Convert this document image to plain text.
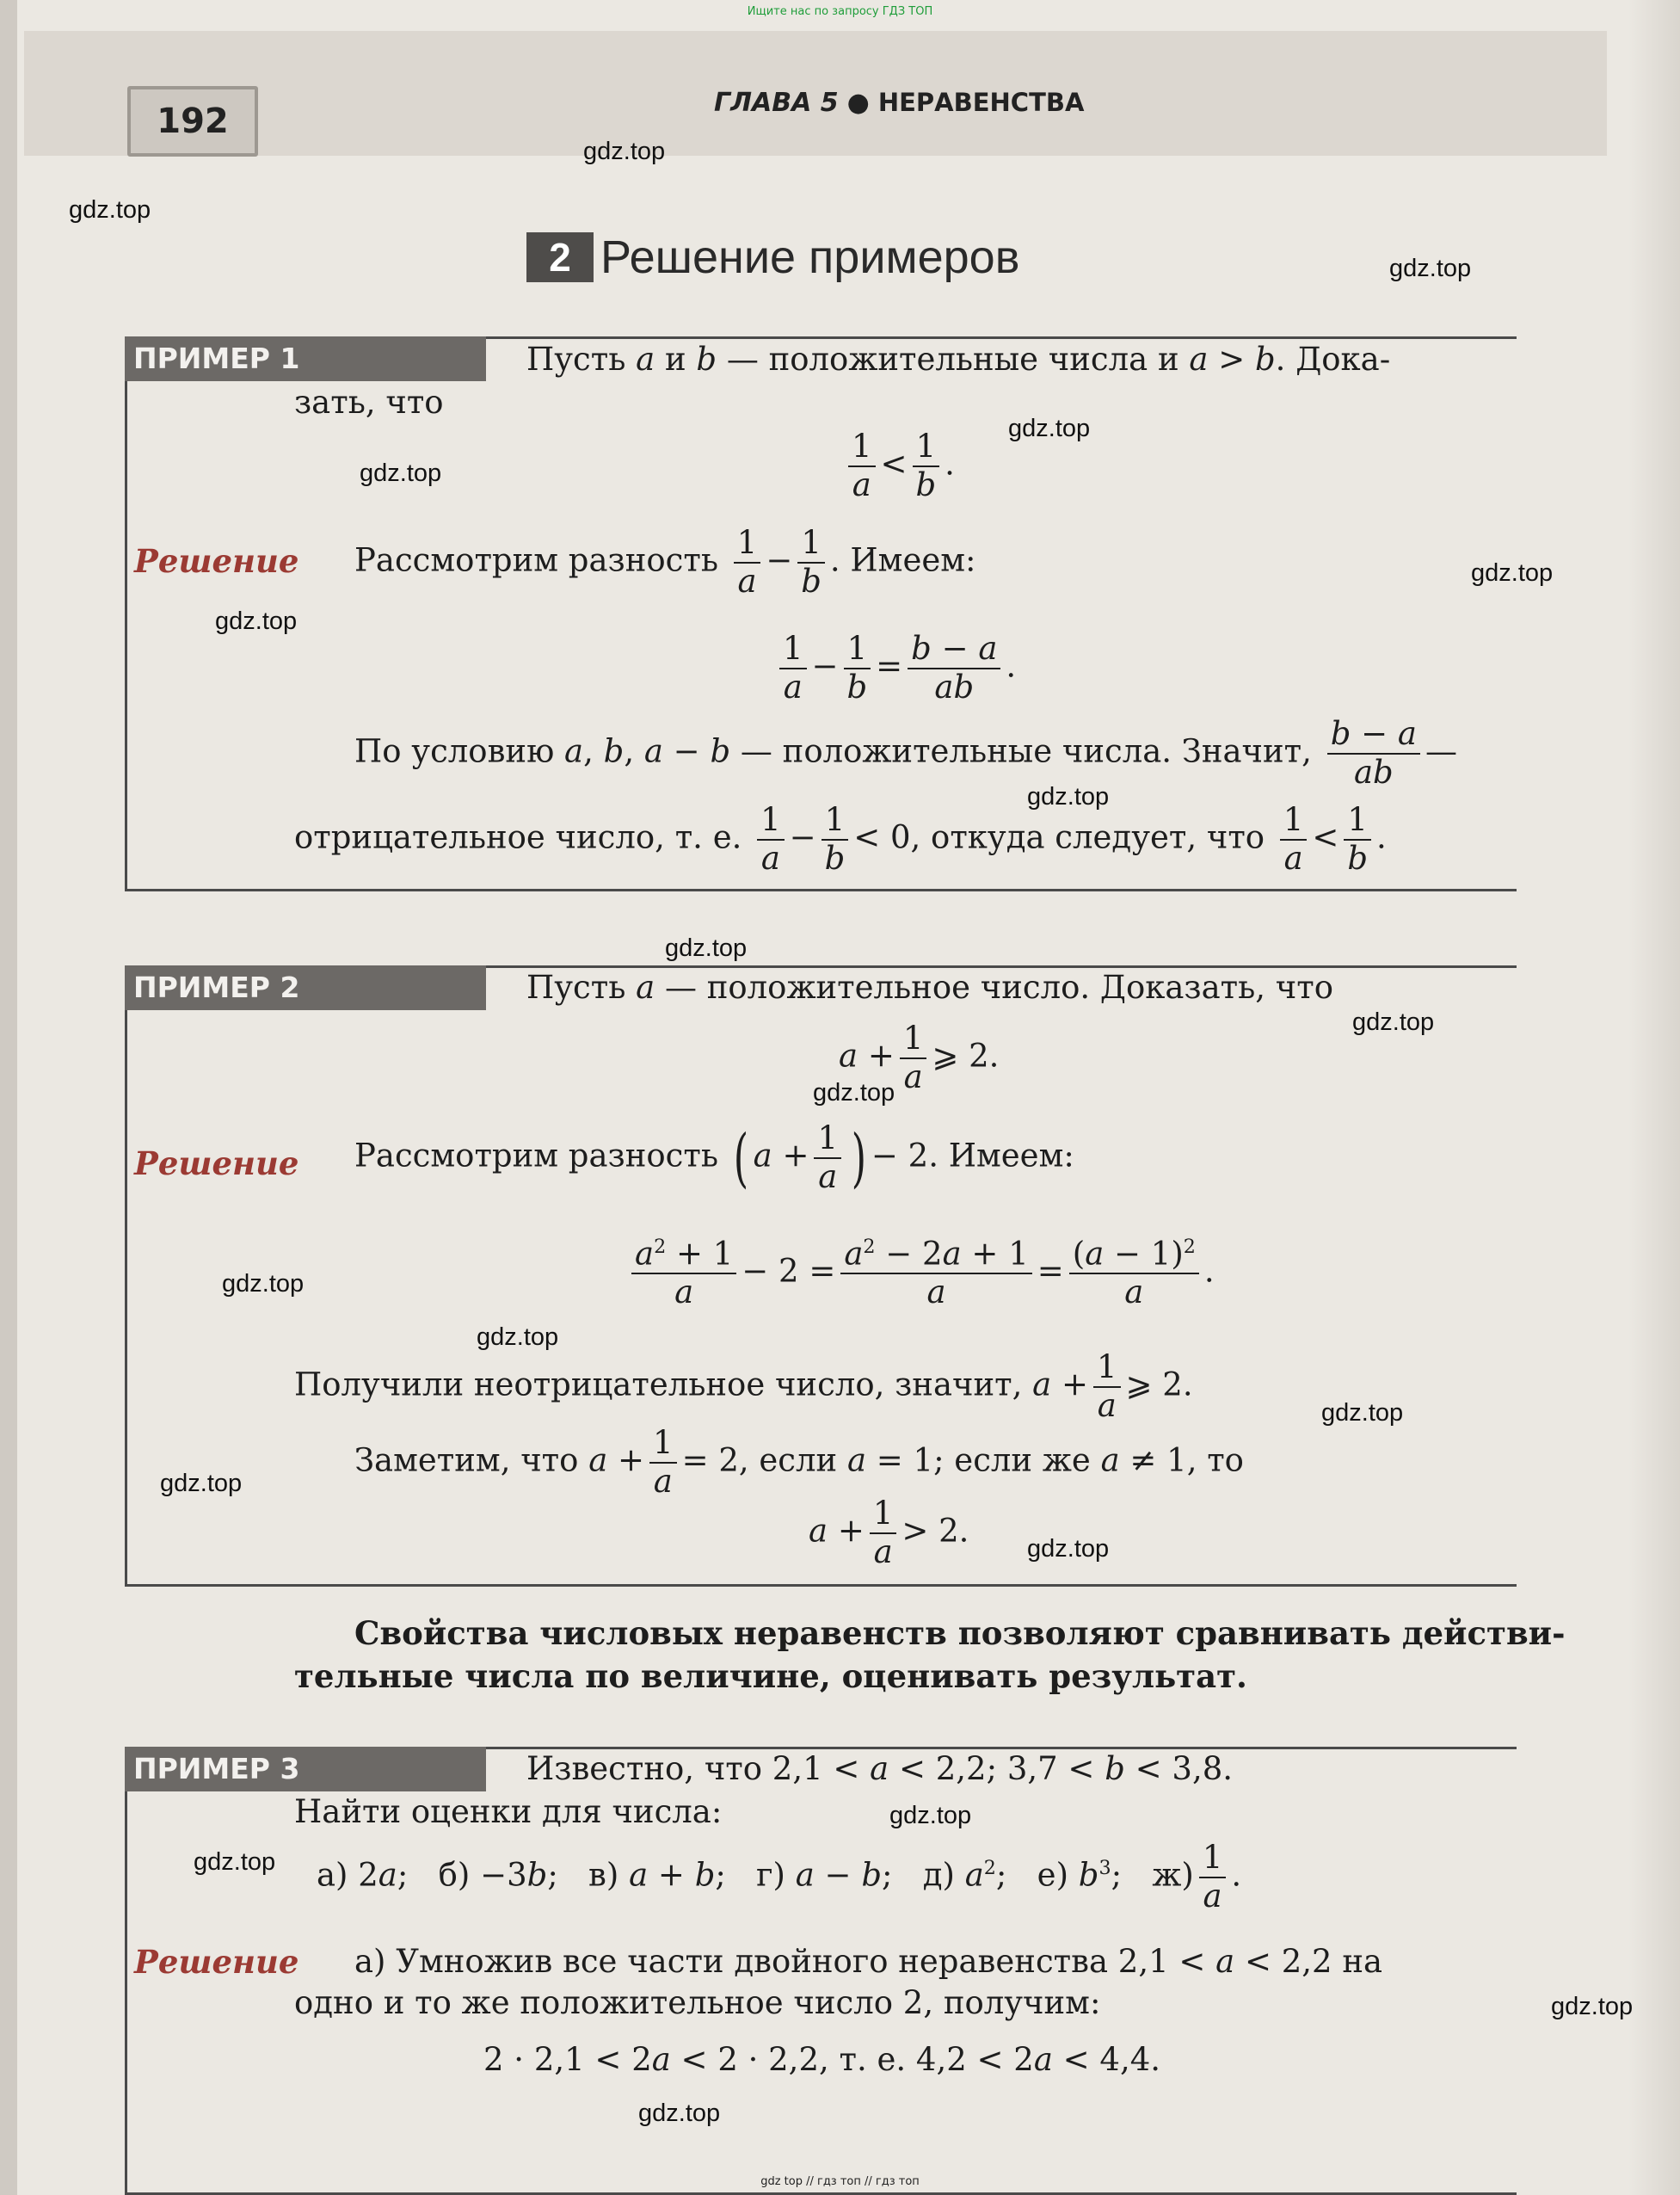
Ищите нас по запросу ГДЗ ТОП
192	ГЛАВА 5 ● НЕРАВЕНСТВА
gdz.top
gdz.top
gdz.top
gdz.top
gdz.top
gdz.top
gdz.top
gdz.top
gdz.top
gdz.top
gdz.top
gdz.top
gdz.top
gdz.top
gdz.top
gdz.top
gdz.top
gdz.top
gdz.top
gdz.top
2 Решение примеров
ПРИМЕР 1	Пусть a и b — положительные числа и a > b. Дока-
зать, что
$\frac{1}{a} < \frac{1}{b}$ .
Решение Рассмотрим разность $\frac{1}{a} - \frac{1}{b}$ . Имеем:
$\frac{1}{a} - \frac{1}{b} = \frac{b - a}{ab}$ .
По условию a, b, a − b — положительные числа. Значит, $\frac{b - a}{ab}$ —
отрицательное число, т. е. $\frac{1}{a} - \frac{1}{b} < 0$, откуда следует, что $\frac{1}{a} < \frac{1}{b}$ .
ПРИМЕР 2	Пусть a — положительное число. Доказать, что
$a + \frac{1}{a}$ ⩾ 2.
Решение Рассмотрим разность ( $a + \frac{1}{a}$ ) − 2. Имеем:
$\frac{a^2 + 1}{a} - 2 = \frac{a^2 - 2a + 1}{a} = \frac{(a - 1)^2}{a}$ .
Получили неотрицательное число, значит, $a + \frac{1}{a}$ ⩾ 2.
Заметим, что $a + \frac{1}{a} = 2$, если a = 1; если же a ≠ 1, то
$a + \frac{1}{a} > 2$.
Свойства числовых неравенств позволяют сравнивать действи-
тельные числа по величине, оценивать результат.
ПРИМЕР 3	Известно, что 2,1 < a < 2,2; 3,7 < b < 3,8.
Найти оценки для числа:
а) 2a;   б) −3b;   в) a + b;   г) a − b;   д) $a^2$;   е) $b^3$;   $ж) \frac{1}{a}$ .
Решение а) Умножив все части двойного неравенства 2,1 < a < 2,2 на
одно и то же положительное число 2, получим:
2 · 2,1 < 2a < 2 · 2,2, т. е. 4,2 < 2a < 4,4.
gdz top // гдз топ // гдз топ
